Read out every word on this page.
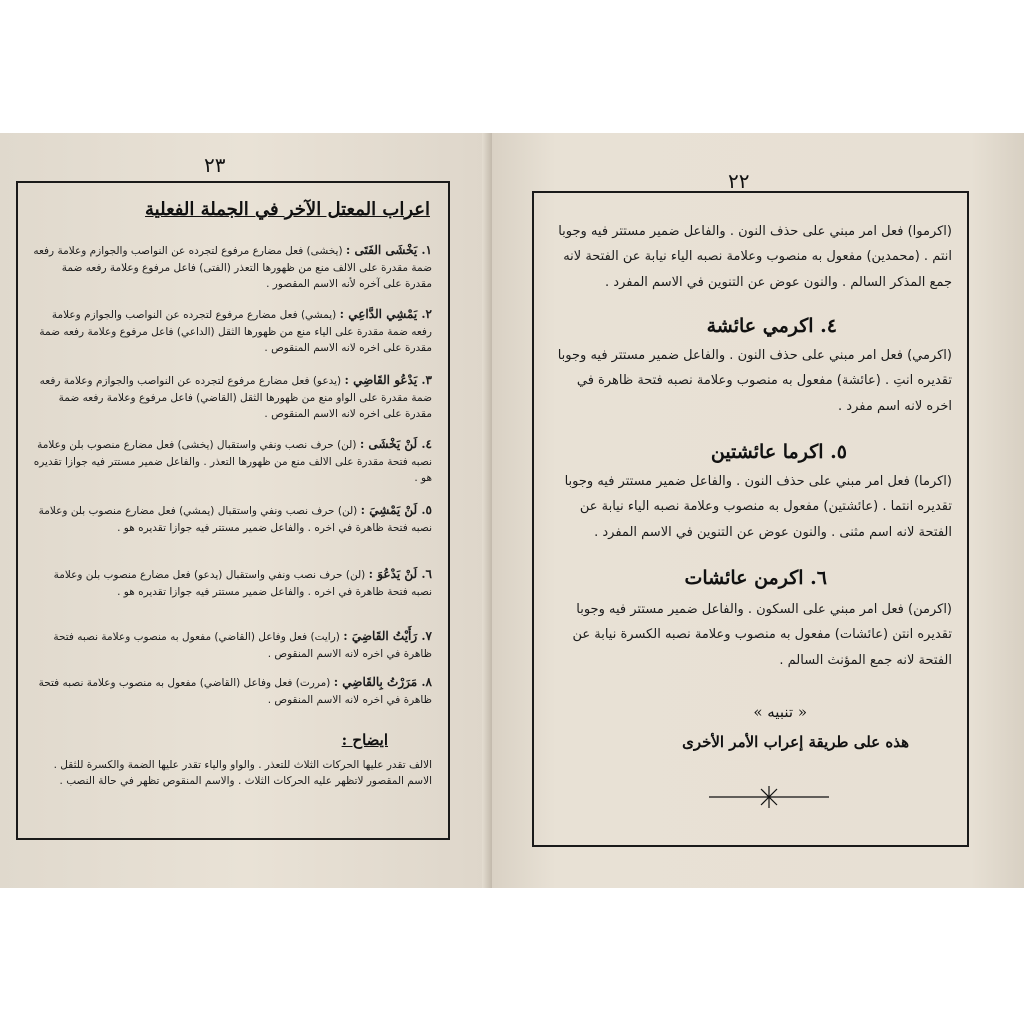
٢٣
اعراب المعتل الآخر في الجملة الفعلية
١. يَخْشَى الفَتَى : (يخشى) فعل مضارع مرفوع لتجرده عن النواصب والجوازم وعلامة رفعه ضمة مقدرة على الالف منع من ظهورها التعذر (الفتى) فاعل مرفوع وعلامة رفعه ضمة مقدرة على آخره لأنه الاسم المقصور .
٢. يَمْشِي الدَّاعِي : (يمشي) فعل مضارع مرفوع لتجرده عن النواصب والجوازم وعلامة رفعه ضمة مقدرة على الياء منع من ظهورها الثقل (الداعي) فاعل مرفوع وعلامة رفعه ضمة مقدرة على اخره لانه الاسم المنقوص .
٣. يَدْعُو القَاضِي : (يدعو) فعل مضارع مرفوع لتجرده عن النواصب والجوازم وعلامة رفعه ضمة مقدرة على الواو منع من ظهورها الثقل (القاضي) فاعل مرفوع وعلامة رفعه ضمة مقدرة على اخره لانه الاسم المنقوص .
٤. لَنْ يَخْشَى : (لن) حرف نصب ونفي واستقبال (يخشى) فعل مضارع منصوب بلن وعلامة نصبه فتحة مقدرة على الالف منع من ظهورها التعذر . والفاعل ضمير مستتر فيه جوازا تقديره هو .
٥. لَنْ يَمْشِيَ : (لن) حرف نصب ونفي واستقبال (يمشي) فعل مضارع منصوب بلن وعلامة نصبه فتحة ظاهرة في اخره . والفاعل ضمير مستتر فيه جوازا تقديره هو .
٦. لَنْ يَدْعُوَ : (لن) حرف نصب ونفي واستقبال (يدعو) فعل مضارع منصوب بلن وعلامة نصبه فتحة ظاهرة في اخره . والفاعل ضمير مستتر فيه جوازا تقديره هو .
٧. رَأَيْتُ القَاضِيَ : (رايت) فعل وفاعل (القاضي) مفعول به منصوب وعلامة نصبه فتحة ظاهرة في اخره لانه الاسم المنقوص .
٨. مَرَرْتُ بِالقَاضِي : (مررت) فعل وفاعل (القاضي) مفعول به منصوب وعلامة نصبه فتحة ظاهرة في اخره لانه الاسم المنقوص .
ايضاح :
الالف تقدر عليها الحركات الثلاث للتعذر . والواو والياء تقدر عليها الضمة والكسرة للثقل . الاسم المقصور لاتظهر عليه الحركات الثلاث . والاسم المنقوص تظهر في حالة النصب .
٢٢
(اكرموا) فعل امر مبني على حذف النون . والفاعل ضمير مستتر فيه وجوبا انتم . (محمدين) مفعول به منصوب وعلامة نصبه الياء نيابة عن الفتحة لانه جمع المذكر السالم . والنون عوض عن التنوين في الاسم المفرد .
٤. اكرمي عائشة
(اكرمي) فعل امر مبني على حذف النون . والفاعل ضمير مستتر فيه وجوبا تقديره انتِ . (عائشة) مفعول به منصوب وعلامة نصبه فتحة ظاهرة في اخره لانه اسم مفرد .
٥. اكرما عائشتين
(اكرما) فعل امر مبني على حذف النون . والفاعل ضمير مستتر فيه وجوبا تقديره انتما . (عائشتين) مفعول به منصوب وعلامة نصبه الياء نيابة عن الفتحة لانه اسم مثنى . والنون عوض عن التنوين في الاسم المفرد .
٦. اكرمن عائشات
(اكرمن) فعل امر مبني على السكون . والفاعل ضمير مستتر فيه وجوبا تقديره انتن (عائشات) مفعول به منصوب وعلامة نصبه الكسرة نيابة عن الفتحة لانه جمع المؤنث السالم .
« تنبيه »
هذه على طريقة إعراب الأمر الأخرى
